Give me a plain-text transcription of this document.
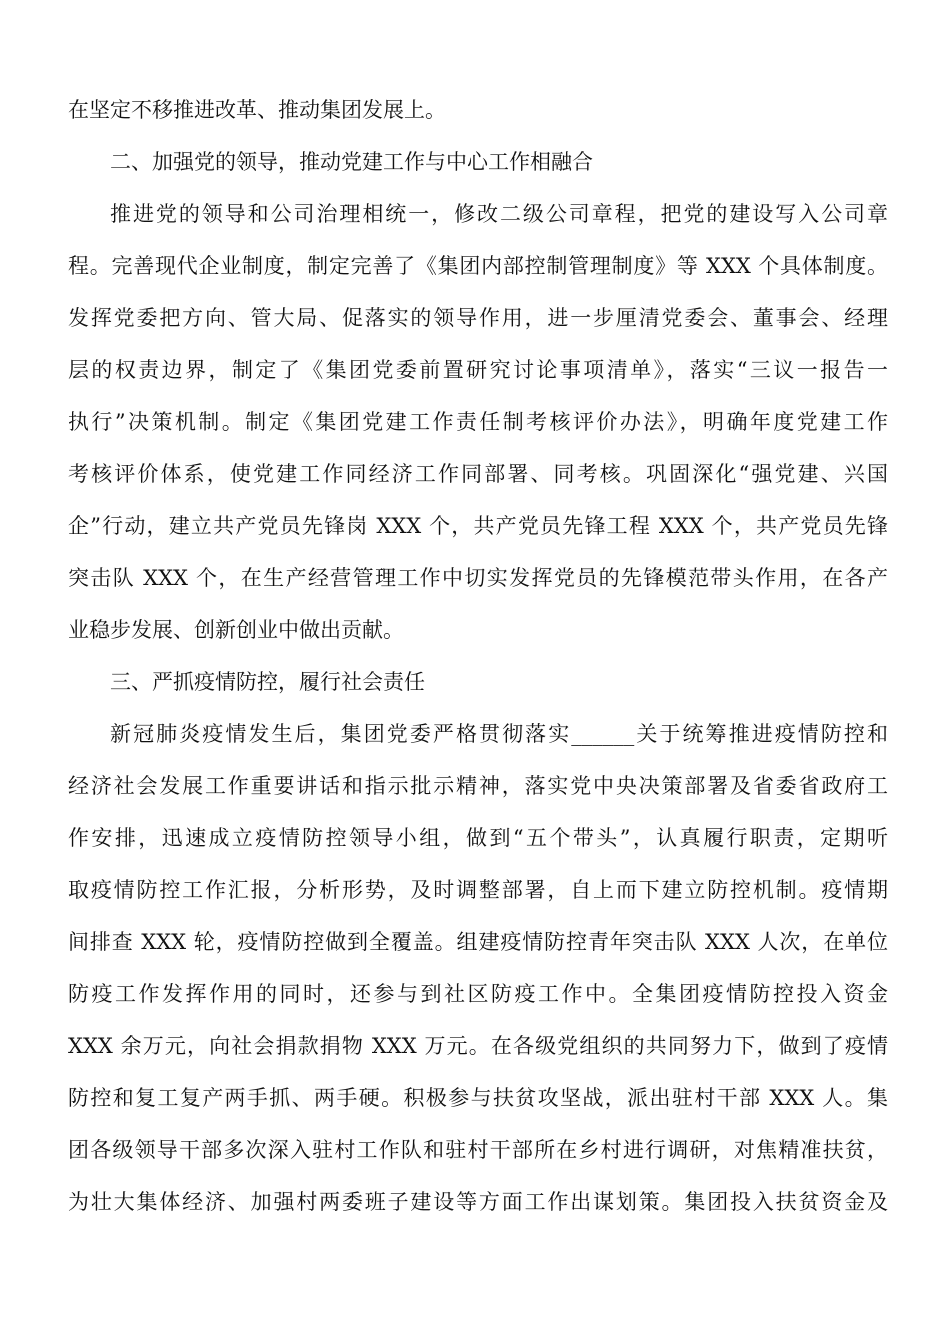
在坚定不移推进改革、推动集团发展上。
二、加强党的领导，推动党建工作与中心工作相融合
推进党的领导和公司治理相统一，修改二级公司章程，把党的建设写入公司章
程。完善现代企业制度，制定完善了《集团内部控制管理制度》等 XXX 个具体制度。
发挥党委把方向、管大局、促落实的领导作用，进一步厘清党委会、董事会、经理
层的权责边界，制定了《集团党委前置研究讨论事项清单》，落实“三议一报告一
执行”决策机制。制定《集团党建工作责任制考核评价办法》，明确年度党建工作
考核评价体系，使党建工作同经济工作同部署、同考核。巩固深化“强党建、兴国
企”行动，建立共产党员先锋岗 XXX 个，共产党员先锋工程 XXX 个，共产党员先锋
突击队 XXX 个，在生产经营管理工作中切实发挥党员的先锋模范带头作用，在各产
业稳步发展、创新创业中做出贡献。
三、严抓疫情防控，履行社会责任
新冠肺炎疫情发生后，集团党委严格贯彻落实______关于统筹推进疫情防控和
经济社会发展工作重要讲话和指示批示精神，落实党中央决策部署及省委省政府工
作安排，迅速成立疫情防控领导小组，做到“五个带头”，认真履行职责，定期听
取疫情防控工作汇报，分析形势，及时调整部署，自上而下建立防控机制。疫情期
间排查 XXX 轮，疫情防控做到全覆盖。组建疫情防控青年突击队 XXX 人次，在单位
防疫工作发挥作用的同时，还参与到社区防疫工作中。全集团疫情防控投入资金
XXX 余万元，向社会捐款捐物 XXX 万元。在各级党组织的共同努力下，做到了疫情
防控和复工复产两手抓、两手硬。积极参与扶贫攻坚战，派出驻村干部 XXX 人。集
团各级领导干部多次深入驻村工作队和驻村干部所在乡村进行调研，对焦精准扶贫，
为壮大集体经济、加强村两委班子建设等方面工作出谋划策。集团投入扶贫资金及
